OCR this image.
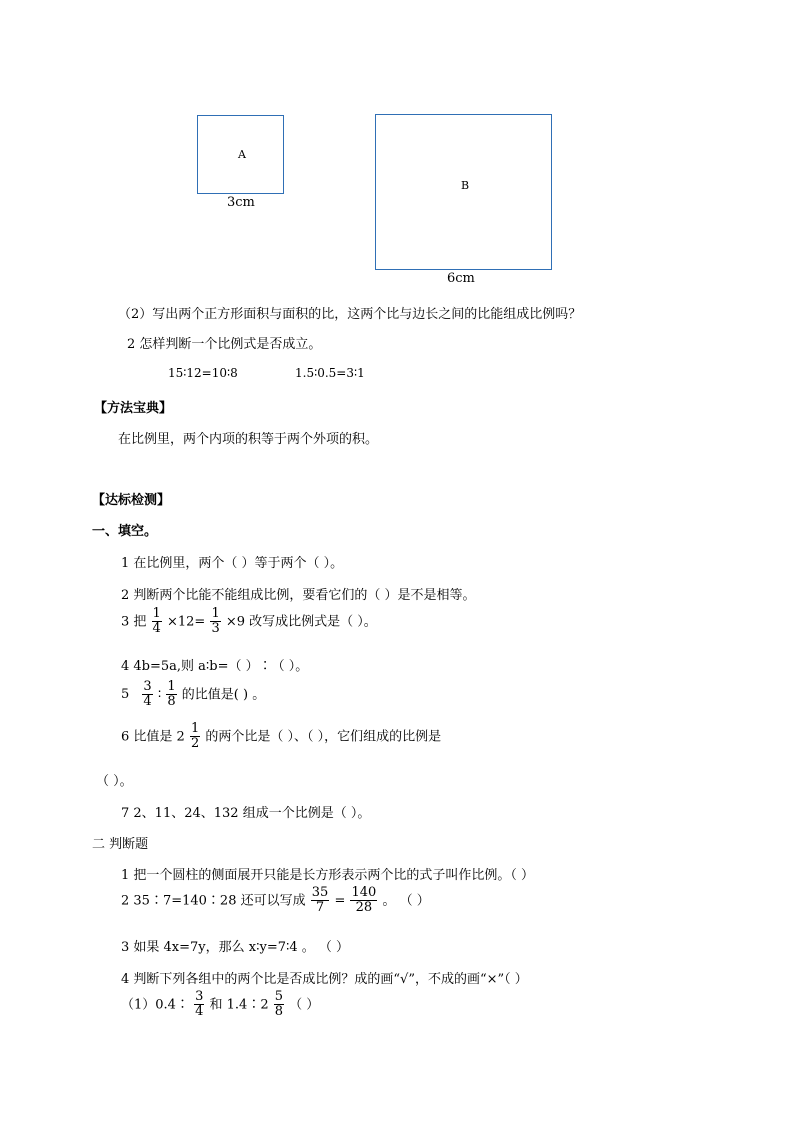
A
3cm
B
6cm
（2）写出两个正方形面积与面积的比，这两个比与边长之间的比能组成比例吗？
2 怎样判断一个比例式是否成立。
15∶12=10∶8	1.5∶0.5=3∶1
【方法宝典】
在比例里，两个内项的积等于两个外项的积。
【达标检测】
一、填空。
1 在比例里，两个（ ）等于两个（ ）。
2 判断两个比能不能组成比例，要看它们的（ ）是不是相等。
3 把 $\frac{1}{4} \times 12= \frac{1}{3} \times 9$ 改写成比例式是（ ）。
4 4b=5a,则 a∶b=（ ）∶（ ）。
$5 \frac{3}{4}$ ∶ $\frac{1}{8}$ 的比值是( ) 。
6 比值是 $2 \frac{1}{2}$ 的两个比是（ ）、（ ），它们组成的比例是
（ ）。
7 2、11、24、132 组成一个比例是（ ）。
二 判断题
1 把一个圆柱的侧面展开只能是长方形表示两个比的式子叫作比例。（ ）
2 35∶7=140∶28 还可以写成 $\frac{35}{7} = \frac{140}{28}$ 。 （ ）
3 如果 4x=7y，那么 x∶y=7∶4 。 （ ）
4 判断下列各组中的两个比是否成比例？成的画“√”，不成的画“×”（ ）
（1）0.4∶ $\frac{3}{4}$ 和 1.4∶2 $\frac{5}{8}$ （ ）
